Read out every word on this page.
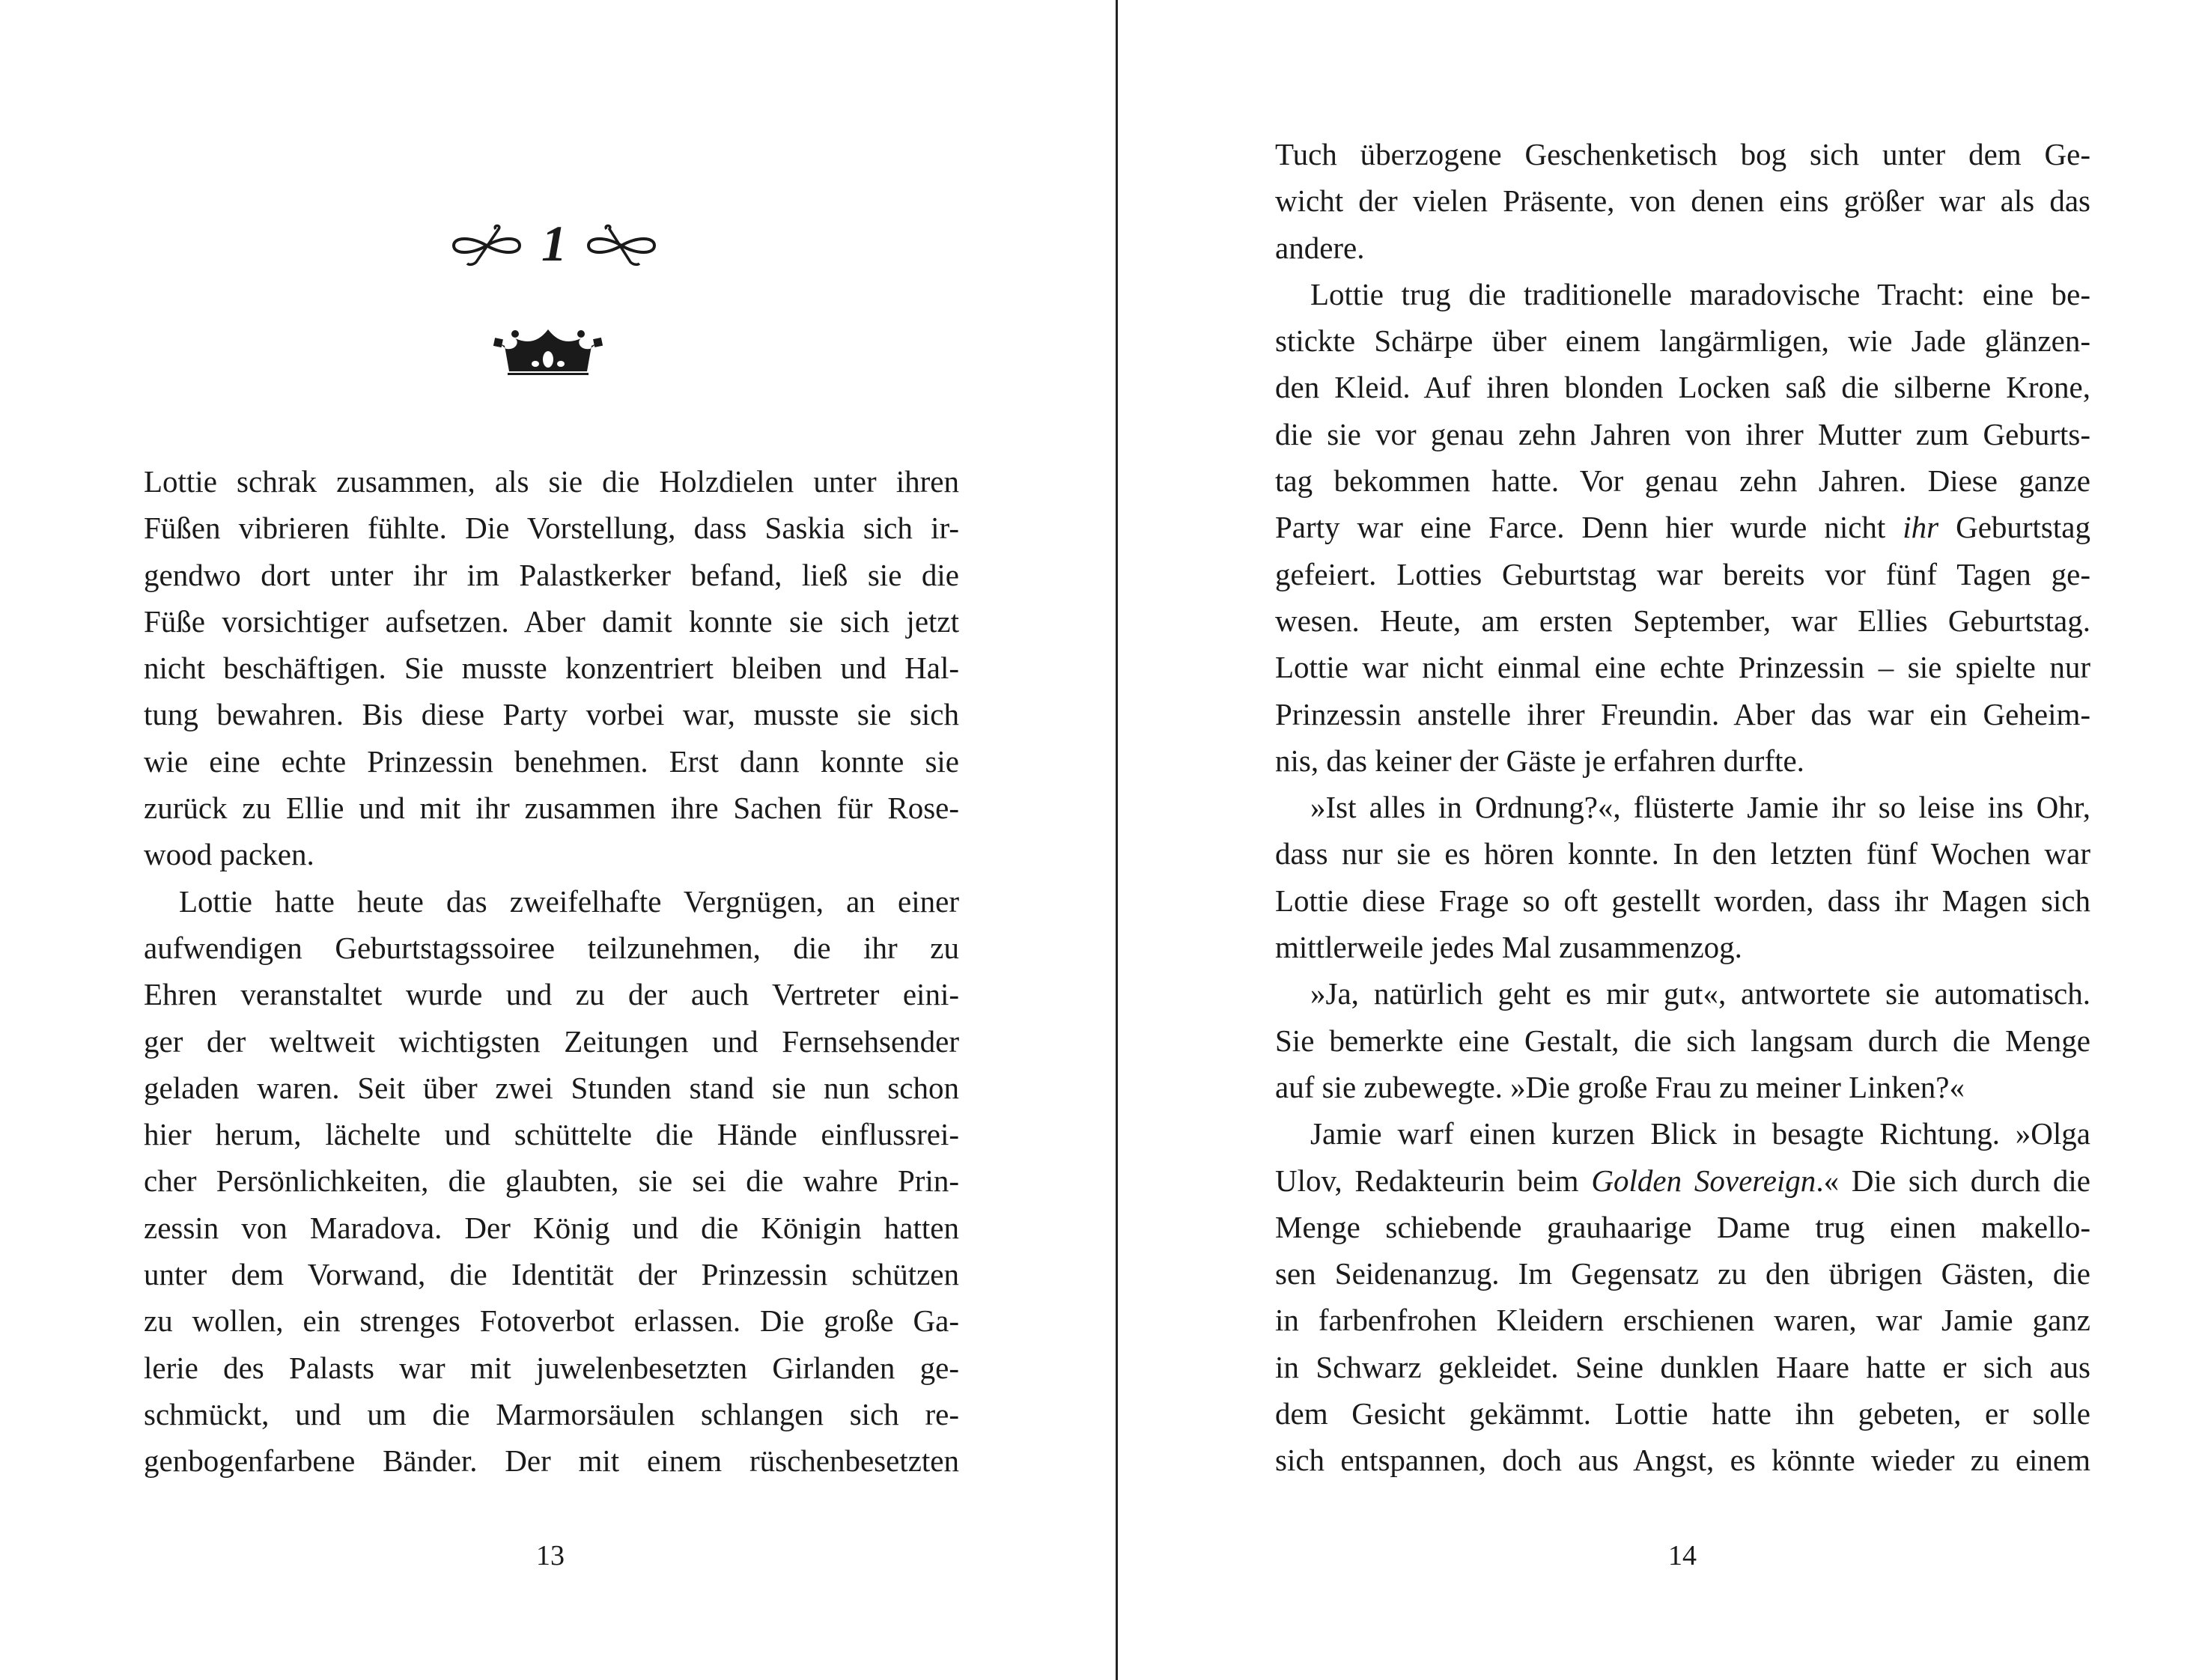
1
Lottie schrak zusammen, als sie die Holzdielen unter ihren
Füßen vibrieren fühlte. Die Vorstellung, dass Saskia sich ir-
gendwo dort unter ihr im Palastkerker befand, ließ sie die
Füße vorsichtiger aufsetzen. Aber damit konnte sie sich jetzt
nicht beschäftigen. Sie musste konzentriert bleiben und Hal-
tung bewahren. Bis diese Party vorbei war, musste sie sich
wie eine echte Prinzessin benehmen. Erst dann konnte sie
zurück zu Ellie und mit ihr zusammen ihre Sachen für Rose-
wood packen.
Lottie hatte heute das zweifelhafte Vergnügen, an einer
aufwendigen Geburtstagssoiree teilzunehmen, die ihr zu
Ehren veranstaltet wurde und zu der auch Vertreter eini-
ger der weltweit wichtigsten Zeitungen und Fernsehsender
geladen waren. Seit über zwei Stunden stand sie nun schon
hier herum, lächelte und schüttelte die Hände einflussrei-
cher Persönlichkeiten, die glaubten, sie sei die wahre Prin-
zessin von Maradova. Der König und die Königin hatten
unter dem Vorwand, die Identität der Prinzessin schützen
zu wollen, ein strenges Fotoverbot erlassen. Die große Ga-
lerie des Palasts war mit juwelenbesetzten Girlanden ge-
schmückt, und um die Marmorsäulen schlangen sich re-
genbogenfarbene Bänder. Der mit einem rüschenbesetzten
13
Tuch überzogene Geschenketisch bog sich unter dem Ge-
wicht der vielen Präsente, von denen eins größer war als das
andere.
Lottie trug die traditionelle maradovische Tracht: eine be-
stickte Schärpe über einem langärmligen, wie Jade glänzen-
den Kleid. Auf ihren blonden Locken saß die silberne Krone,
die sie vor genau zehn Jahren von ihrer Mutter zum Geburts-
tag bekommen hatte. Vor genau zehn Jahren. Diese ganze
Party war eine Farce. Denn hier wurde nicht ihr Geburtstag
gefeiert. Lotties Geburtstag war bereits vor fünf Tagen ge-
wesen. Heute, am ersten September, war Ellies Geburtstag.
Lottie war nicht einmal eine echte Prinzessin – sie spielte nur
Prinzessin anstelle ihrer Freundin. Aber das war ein Geheim-
nis, das keiner der Gäste je erfahren durfte.
»Ist alles in Ordnung?«, flüsterte Jamie ihr so leise ins Ohr,
dass nur sie es hören konnte. In den letzten fünf Wochen war
Lottie diese Frage so oft gestellt worden, dass ihr Magen sich
mittlerweile jedes Mal zusammenzog.
»Ja, natürlich geht es mir gut«, antwortete sie automatisch.
Sie bemerkte eine Gestalt, die sich langsam durch die Menge
auf sie zubewegte. »Die große Frau zu meiner Linken?«
Jamie warf einen kurzen Blick in besagte Richtung. »Olga
Ulov, Redakteurin beim Golden Sovereign.« Die sich durch die
Menge schiebende grauhaarige Dame trug einen makello-
sen Seidenanzug. Im Gegensatz zu den übrigen Gästen, die
in farbenfrohen Kleidern erschienen waren, war Jamie ganz
in Schwarz gekleidet. Seine dunklen Haare hatte er sich aus
dem Gesicht gekämmt. Lottie hatte ihn gebeten, er solle
sich entspannen, doch aus Angst, es könnte wieder zu einem
14
